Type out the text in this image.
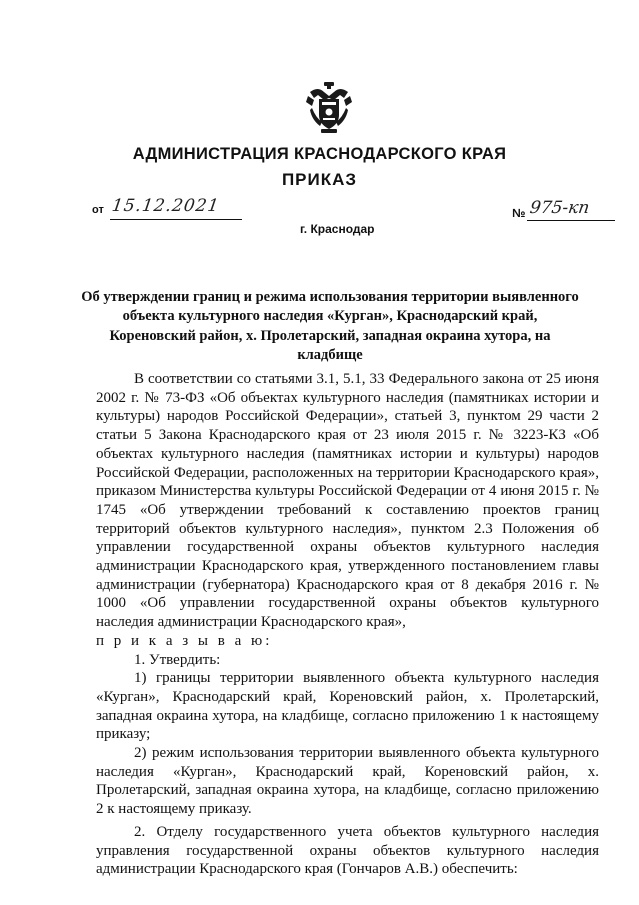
АДМИНИСТРАЦИЯ КРАСНОДАРСКОГО КРАЯ
ПРИКАЗ
от 15.12.2021
г. Краснодар
№ 975-кп
Об утверждении границ и режима использования территории выявленного объекта культурного наследия «Курган», Краснодарский край, Кореновский район, х. Пролетарский, западная окраина хутора, на кладбище

В соответствии со статьями 3.1, 5.1, 33 Федерального закона от 25 июня 2002 г. № 73-ФЗ «Об объектах культурного наследия (памятниках истории и культуры) народов Российской Федерации», статьей 3, пунктом 29 части 2 статьи 5 Закона Краснодарского края от 23 июля 2015 г. № 3223-КЗ «Об объектах культурного наследия (памятниках истории и культуры) народов Российской Федерации, расположенных на территории Краснодарского края», приказом Министерства культуры Российской Федерации от 4 июня 2015 г. № 1745 «Об утверждении требований к составлению проектов границ территорий объектов культурного наследия», пунктом 2.3 Положения об управлении государственной охраны объектов культурного наследия администрации Краснодарского края, утвержденного постановлением главы администрации (губернатора) Краснодарского края от 8 декабря 2016 г. № 1000 «Об управлении государственной охраны объектов культурного наследия администрации Краснодарского края»,

п р и к а з ы в а ю:

1. Утвердить:

1) границы территории выявленного объекта культурного наследия «Курган», Краснодарский край, Кореновский район, х. Пролетарский, западная окраина хутора, на кладбище, согласно приложению 1 к настоящему приказу;

2) режим использования территории выявленного объекта культурного наследия «Курган», Краснодарский край, Кореновский район, х. Пролетарский, западная окраина хутора, на кладбище, согласно приложению 2 к настоящему приказу.

2. Отделу государственного учета объектов культурного наследия управления государственной охраны объектов культурного наследия администрации Краснодарского края (Гончаров А.В.) обеспечить:
